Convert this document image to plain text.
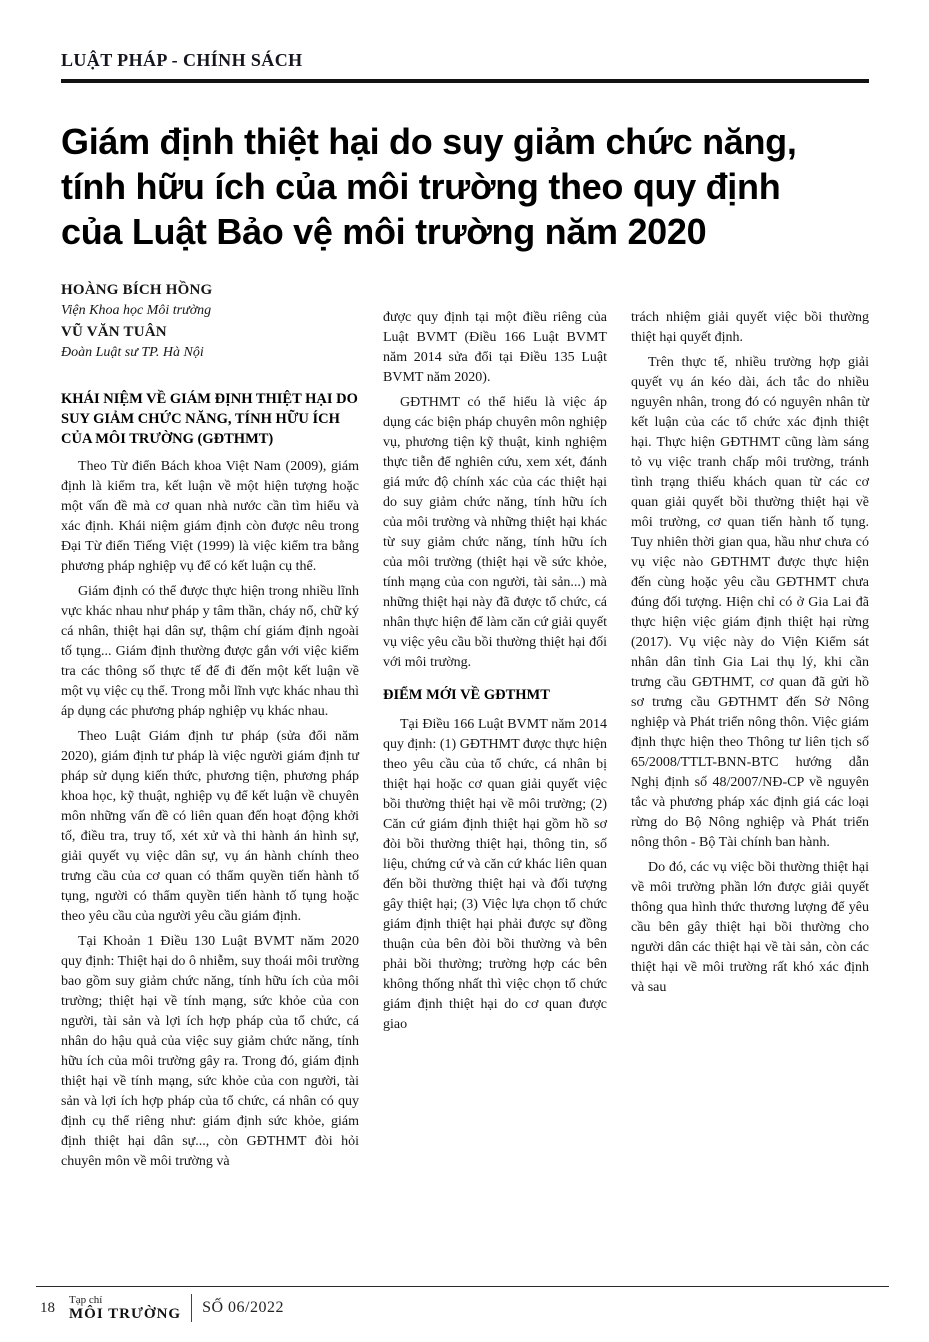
LUẬT PHÁP - CHÍNH SÁCH
Giám định thiệt hại do suy giảm chức năng,
tính hữu ích của môi trường theo quy định
của Luật Bảo vệ môi trường năm 2020
HOÀNG BÍCH HỒNG
Viện Khoa học Môi trường
VŨ VĂN TUÂN
Đoàn Luật sư TP. Hà Nội
KHÁI NIỆM VỀ GIÁM ĐỊNH THIỆT HẠI DO SUY GIẢM CHỨC NĂNG, TÍNH HỮU ÍCH CỦA MÔI TRƯỜNG (GĐTHMT)

Theo Từ điển Bách khoa Việt Nam (2009), giám định là kiểm tra, kết luận về một hiện tượng hoặc một vấn đề mà cơ quan nhà nước cần tìm hiểu và xác định. Khái niệm giám định còn được nêu trong Đại Từ điển Tiếng Việt (1999) là việc kiểm tra bằng phương pháp nghiệp vụ để có kết luận cụ thể.

Giám định có thể được thực hiện trong nhiều lĩnh vực khác nhau như pháp y tâm thần, cháy nổ, chữ ký cá nhân, thiệt hại dân sự, thậm chí giám định ngoài tố tụng... Giám định thường được gắn với việc kiểm tra các thông số thực tế để đi đến một kết luận về một vụ việc cụ thể. Trong mỗi lĩnh vực khác nhau thì áp dụng các phương pháp nghiệp vụ khác nhau.

Theo Luật Giám định tư pháp (sửa đổi năm 2020), giám định tư pháp là việc người giám định tư pháp sử dụng kiến thức, phương tiện, phương pháp khoa học, kỹ thuật, nghiệp vụ để kết luận về chuyên môn những vấn đề có liên quan đến hoạt động khởi tố, điều tra, truy tố, xét xử và thi hành án hình sự, giải quyết vụ việc dân sự, vụ án hành chính theo trưng cầu của cơ quan có thẩm quyền tiến hành tố tụng, người có thẩm quyền tiến hành tố tụng hoặc theo yêu cầu của người yêu cầu giám định.

Tại Khoản 1 Điều 130 Luật BVMT năm 2020 quy định: Thiệt hại do ô nhiễm, suy thoái môi trường bao gồm suy giảm chức năng, tính hữu ích của môi trường; thiệt hại về tính mạng, sức khỏe của con người, tài sản và lợi ích hợp pháp của tổ chức, cá nhân do hậu quả của việc suy giảm chức năng, tính hữu ích của môi trường gây ra. Trong đó, giám định thiệt hại về tính mạng, sức khỏe của con người, tài sản và lợi ích hợp pháp của tổ chức, cá nhân có quy định cụ thể riêng như: giám định sức khỏe, giám định thiệt hại dân sự..., còn GĐTHMT đòi hỏi chuyên môn về môi trường và

được quy định tại một điều riêng của Luật BVMT (Điều 166 Luật BVMT năm 2014 sửa đổi tại Điều 135 Luật BVMT năm 2020).

GĐTHMT có thể hiểu là việc áp dụng các biện pháp chuyên môn nghiệp vụ, phương tiện kỹ thuật, kinh nghiệm thực tiễn để nghiên cứu, xem xét, đánh giá mức độ chính xác của các thiệt hại do suy giảm chức năng, tính hữu ích của môi trường và những thiệt hại khác từ suy giảm chức năng, tính hữu ích của môi trường (thiệt hại về sức khỏe, tính mạng của con người, tài sản...) mà những thiệt hại này đã được tổ chức, cá nhân thực hiện để làm căn cứ giải quyết vụ việc yêu cầu bồi thường thiệt hại đối với môi trường.

ĐIỂM MỚI VỀ GĐTHMT

Tại Điều 166 Luật BVMT năm 2014 quy định: (1) GĐTHMT được thực hiện theo yêu cầu của tổ chức, cá nhân bị thiệt hại hoặc cơ quan giải quyết việc bồi thường thiệt hại về môi trường; (2) Căn cứ giám định thiệt hại gồm hồ sơ đòi bồi thường thiệt hại, thông tin, số liệu, chứng cứ và căn cứ khác liên quan đến bồi thường thiệt hại và đối tượng gây thiệt hại; (3) Việc lựa chọn tổ chức giám định thiệt hại phải được sự đồng thuận của bên đòi bồi thường và bên phải bồi thường; trường hợp các bên không thống nhất thì việc chọn tổ chức giám định thiệt hại do cơ quan được giao

trách nhiệm giải quyết việc bồi thường thiệt hại quyết định.

Trên thực tế, nhiều trường hợp giải quyết vụ án kéo dài, ách tắc do nhiều nguyên nhân, trong đó có nguyên nhân từ kết luận của các tổ chức xác định thiệt hại. Thực hiện GĐTHMT cũng làm sáng tỏ vụ việc tranh chấp môi trường, tránh tình trạng thiếu khách quan từ các cơ quan giải quyết bồi thường thiệt hại về môi trường, cơ quan tiến hành tố tụng. Tuy nhiên thời gian qua, hầu như chưa có vụ việc nào GĐTHMT được thực hiện đến cùng hoặc yêu cầu GĐTHMT chưa đúng đối tượng. Hiện chỉ có ở Gia Lai đã thực hiện việc giám định thiệt hại rừng (2017). Vụ việc này do Viện Kiểm sát nhân dân tỉnh Gia Lai thụ lý, khi cần trưng cầu GĐTHMT, cơ quan đã gửi hồ sơ trưng cầu GĐTHMT đến Sở Nông nghiệp và Phát triển nông thôn. Việc giám định thực hiện theo Thông tư liên tịch số 65/2008/TTLT-BNN-BTC hướng dẫn Nghị định số 48/2007/NĐ-CP về nguyên tắc và phương pháp xác định giá các loại rừng do Bộ Nông nghiệp và Phát triển nông thôn - Bộ Tài chính ban hành.

Do đó, các vụ việc bồi thường thiệt hại về môi trường phần lớn được giải quyết thông qua hình thức thương lượng để yêu cầu bên gây thiệt hại bồi thường cho người dân các thiệt hại về tài sản, còn các thiệt hại về môi trường rất khó xác định và sau

18 Tạp chí
MÔI TRƯỜNG SỐ 06/2022
